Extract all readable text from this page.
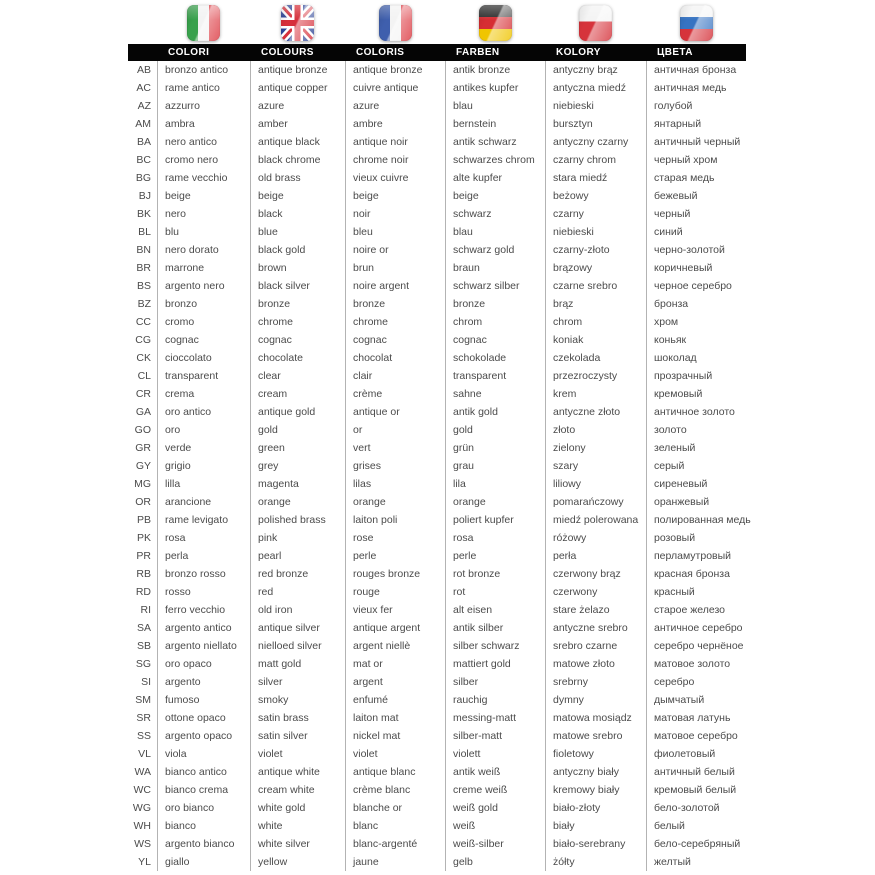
COLORI	COLOURS	COLORIS	FARBEN	KOLORY	ЦВЕТА
AB	bronzo antico	antique bronze	antique bronze	antik bronze	antyczny brąz	античная бронза
AC	rame antico	antique copper	cuivre antique	antikes kupfer	antyczna miedź	античная медь
AZ	azzurro	azure	azure	blau	niebieski	голубой
AM	ambra	amber	ambre	bernstein	bursztyn	янтарный
BA	nero antico	antique black	antique noir	antik schwarz	antyczny czarny	античный черный
BC	cromo nero	black chrome	chrome noir	schwarzes chrom	czarny chrom	черный хром
BG	rame vecchio	old brass	vieux cuivre	alte kupfer	stara miedź	старая медь
BJ	beige	beige	beige	beige	beżowy	бежевый
BK	nero	black	noir	schwarz	czarny	черный
BL	blu	blue	bleu	blau	niebieski	синий
BN	nero dorato	black gold	noire or	schwarz gold	czarny-złoto	черно-золотой
BR	marrone	brown	brun	braun	brązowy	коричневый
BS	argento nero	black silver	noire argent	schwarz silber	czarne srebro	черное серебро
BZ	bronzo	bronze	bronze	bronze	brąz	бронза
CC	cromo	chrome	chrome	chrom	chrom	хром
CG	cognac	cognac	cognac	cognac	koniak	коньяк
CK	cioccolato	chocolate	chocolat	schokolade	czekolada	шоколад
CL	transparent	clear	clair	transparent	przezroczysty	прозрачный
CR	crema	cream	crème	sahne	krem	кремовый
GA	oro antico	antique gold	antique or	antik gold	antyczne złoto	античное золото
GO	oro	gold	or	gold	złoto	золото
GR	verde	green	vert	grün	zielony	зеленый
GY	grigio	grey	grises	grau	szary	серый
MG	lilla	magenta	lilas	lila	liliowy	сиреневый
OR	arancione	orange	orange	orange	pomarańczowy	оранжевый
PB	rame levigato	polished brass	laiton poli	poliert kupfer	miedź polerowana	полированная медь
PK	rosa	pink	rose	rosa	różowy	розовый
PR	perla	pearl	perle	perle	perła	перламутровый
RB	bronzo rosso	red bronze	rouges bronze	rot bronze	czerwony brąz	красная бронза
RD	rosso	red	rouge	rot	czerwony	красный
RI	ferro vecchio	old iron	vieux fer	alt eisen	stare żelazo	старое железо
SA	argento antico	antique silver	antique argent	antik silber	antyczne srebro	античное серебро
SB	argento niellato	nielloed silver	argent niellè	silber schwarz	srebro czarne	серебро чернёное
SG	oro opaco	matt gold	mat or	mattiert gold	matowe złoto	матовое золото
SI	argento	silver	argent	silber	srebrny	серебро
SM	fumoso	smoky	enfumé	rauchig	dymny	дымчатый
SR	ottone opaco	satin brass	laiton mat	messing-matt	matowa mosiądz	матовая латунь
SS	argento opaco	satin silver	nickel mat	silber-matt	matowe srebro	матовое серебро
VL	viola	violet	violet	violett	fioletowy	фиолетовый
WA	bianco antico	antique white	antique blanc	antik weiß	antyczny biały	античный белый
WC	bianco crema	cream white	crème blanc	creme weiß	kremowy biały	кремовый белый
WG	oro bianco	white gold	blanche or	weiß gold	biało-złoty	бело-золотой
WH	bianco	white	blanc	weiß	biały	белый
WS	argento bianco	white silver	blanc-argenté	weiß-silber	biało-serebrany	бело-серебряный
YL	giallo	yellow	jaune	gelb	żółty	желтый
